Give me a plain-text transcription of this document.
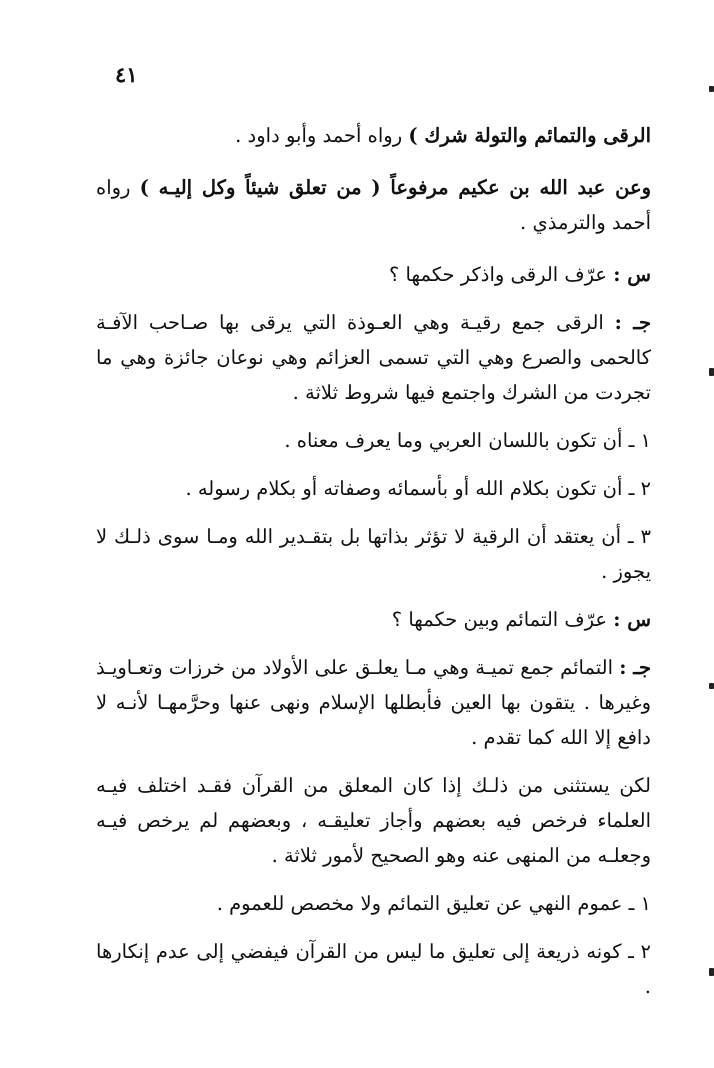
٤١

الرقى والتمائم والتولة شرك ) رواه أحمد وأبو داود .

وعن عبد الله بن عكيم مرفوعاً ( من تعلق شيئاً وكل إليـه ) رواه أحمد والترمذي .

س : عرّف الرقى واذكر حكمها ؟

جـ : الرقى جمع رقيـة وهي العـوذة التي يرقى بها صـاحب الآفـة كالحمى والصرع وهي التي تسمى العزائم وهي نوعان جائزة وهي ما تجردت من الشرك واجتمع فيها شروط ثلاثة .

١ ـ أن تكون باللسان العربي وما يعرف معناه .

٢ ـ أن تكون بكلام الله أو بأسمائه وصفاته أو بكلام رسوله .

٣ ـ أن يعتقد أن الرقية لا تؤثر بذاتها بل بتقـدير الله ومـا سوى ذلـك لا يجوز .

س : عرّف التمائم وبين حكمها ؟

جـ : التمائم جمع تميـة وهي مـا يعلـق على الأولاد من خرزات وتعـاويـذ وغيرها . يتقون بها العين فأبطلها الإسلام ونهى عنها وحرَّمهـا لأنـه لا دافع إلا الله كما تقدم .

لكن يستثنى من ذلـك إذا كان المعلق من القرآن فقـد اختلف فيـه العلماء فرخص فيه بعضهم وأجاز تعليقـه ، وبعضهم لم يرخص فيـه وجعلـه من المنهى عنه وهو الصحيح لأمور ثلاثة .

١ ـ عموم النهي عن تعليق التمائم ولا مخصص للعموم .

٢ ـ كونه ذريعة إلى تعليق ما ليس من القرآن فيفضي إلى عدم إنكارها .
